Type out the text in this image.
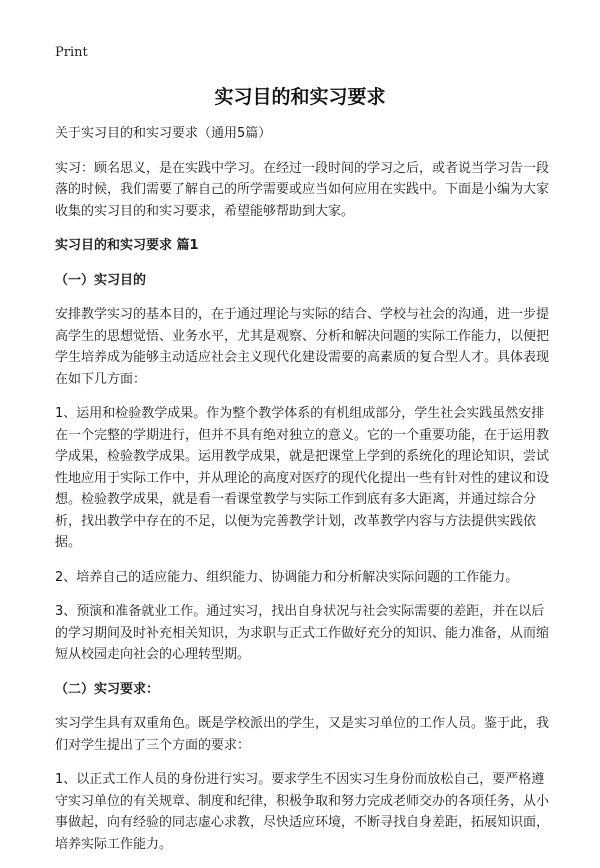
Print
实习目的和实习要求

关于实习目的和实习要求（通用5篇）

实习：顾名思义，是在实践中学习。在经过一段时间的学习之后，或者说当学习告一段落的时候，我们需要了解自己的所学需要或应当如何应用在实践中。下面是小编为大家收集的实习目的和实习要求，希望能够帮助到大家。

实习目的和实习要求 篇1

（一）实习目的

安排教学实习的基本目的，在于通过理论与实际的结合、学校与社会的沟通，进一步提高学生的思想觉悟、业务水平，尤其是观察、分析和解决问题的实际工作能力，以便把学生培养成为能够主动适应社会主义现代化建设需要的高素质的复合型人才。具体表现在如下几方面：

1、运用和检验教学成果。作为整个教学体系的有机组成部分，学生社会实践虽然安排在一个完整的学期进行，但并不具有绝对独立的意义。它的一个重要功能，在于运用教学成果，检验教学成果。运用教学成果，就是把课堂上学到的系统化的理论知识，尝试性地应用于实际工作中，并从理论的高度对医疗的现代化提出一些有针对性的建议和设想。检验教学成果，就是看一看课堂教学与实际工作到底有多大距离，并通过综合分析，找出教学中存在的不足，以便为完善教学计划，改革教学内容与方法提供实践依据。

2、培养自己的适应能力、组织能力、协调能力和分析解决实际问题的工作能力。

3、预演和准备就业工作。通过实习，找出自身状况与社会实际需要的差距，并在以后的学习期间及时补充相关知识，为求职与正式工作做好充分的知识、能力准备，从而缩短从校园走向社会的心理转型期。

（二）实习要求：

实习学生具有双重角色。既是学校派出的学生，又是实习单位的工作人员。鉴于此，我们对学生提出了三个方面的要求：

1、以正式工作人员的身份进行实习。要求学生不因实习生身份而放松自己，要严格遵守实习单位的有关规章、制度和纪律，积极争取和努力完成老师交办的各项任务，从小事做起，向有经验的同志虚心求教，尽快适应环境，不断寻找自身差距，拓展知识面，培养实际工作能力。
